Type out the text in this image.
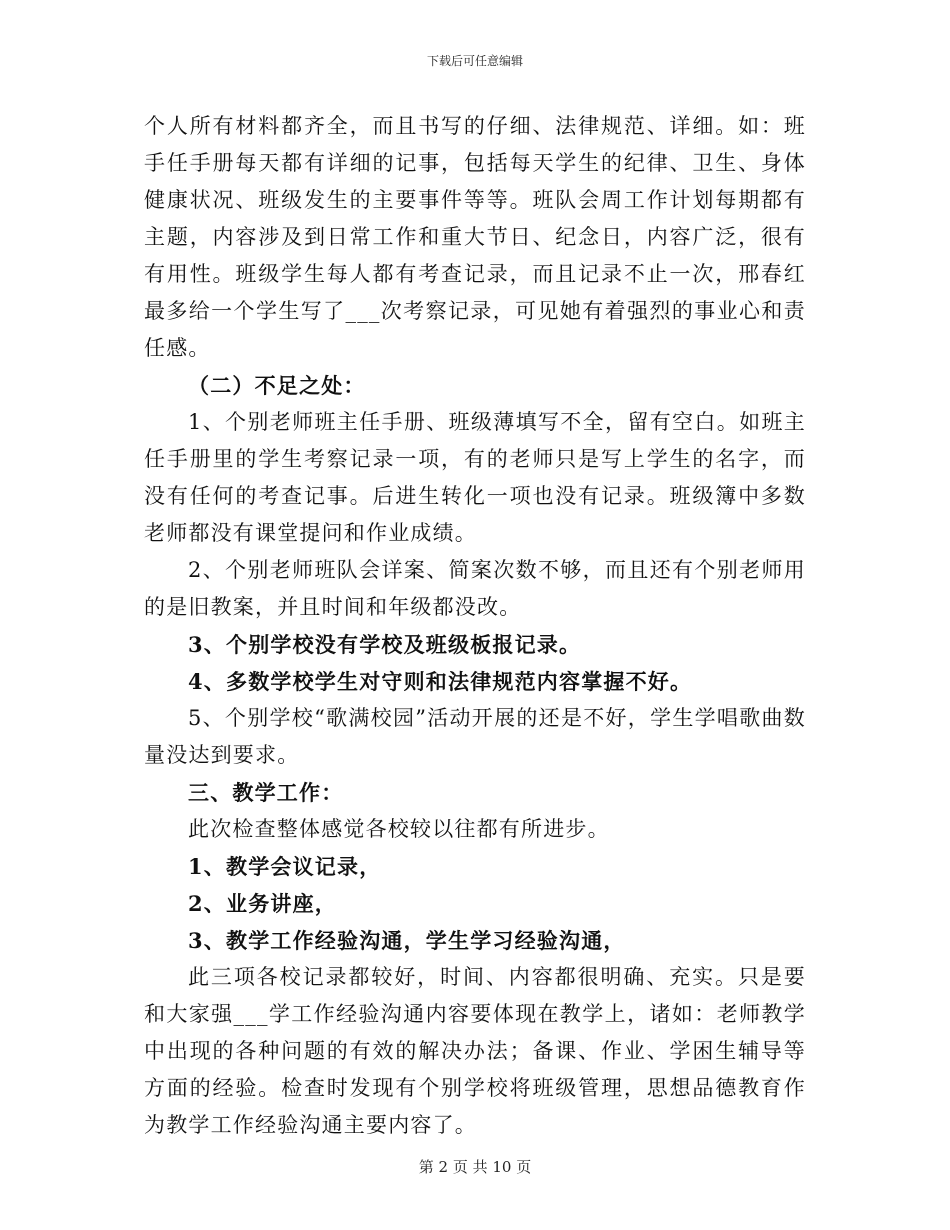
下载后可任意编辑

个人所有材料都齐全，而且书写的仔细、法律规范、详细。如：班手任手册每天都有详细的记事，包括每天学生的纪律、卫生、身体健康状况、班级发生的主要事件等等。班队会周工作计划每期都有主题，内容涉及到日常工作和重大节日、纪念日，内容广泛，很有有用性。班级学生每人都有考查记录，而且记录不止一次，邢春红最多给一个学生写了___次考察记录，可见她有着强烈的事业心和责任感。

（二）不足之处：

1、个别老师班主任手册、班级薄填写不全，留有空白。如班主任手册里的学生考察记录一项，有的老师只是写上学生的名字，而没有任何的考查记事。后进生转化一项也没有记录。班级簿中多数老师都没有课堂提问和作业成绩。

2、个别老师班队会详案、简案次数不够，而且还有个别老师用的是旧教案，并且时间和年级都没改。

3、个别学校没有学校及班级板报记录。

4、多数学校学生对守则和法律规范内容掌握不好。

5、个别学校“歌满校园”活动开展的还是不好，学生学唱歌曲数量没达到要求。

三、教学工作：

此次检查整体感觉各校较以往都有所进步。

1、教学会议记录，

2、业务讲座，

3、教学工作经验沟通，学生学习经验沟通，

此三项各校记录都较好，时间、内容都很明确、充实。只是要和大家强___学工作经验沟通内容要体现在教学上，诸如：老师教学中出现的各种问题的有效的解决办法；备课、作业、学困生辅导等方面的经验。检查时发现有个别学校将班级管理，思想品德教育作为教学工作经验沟通主要内容了。

第 2 页 共 10 页
